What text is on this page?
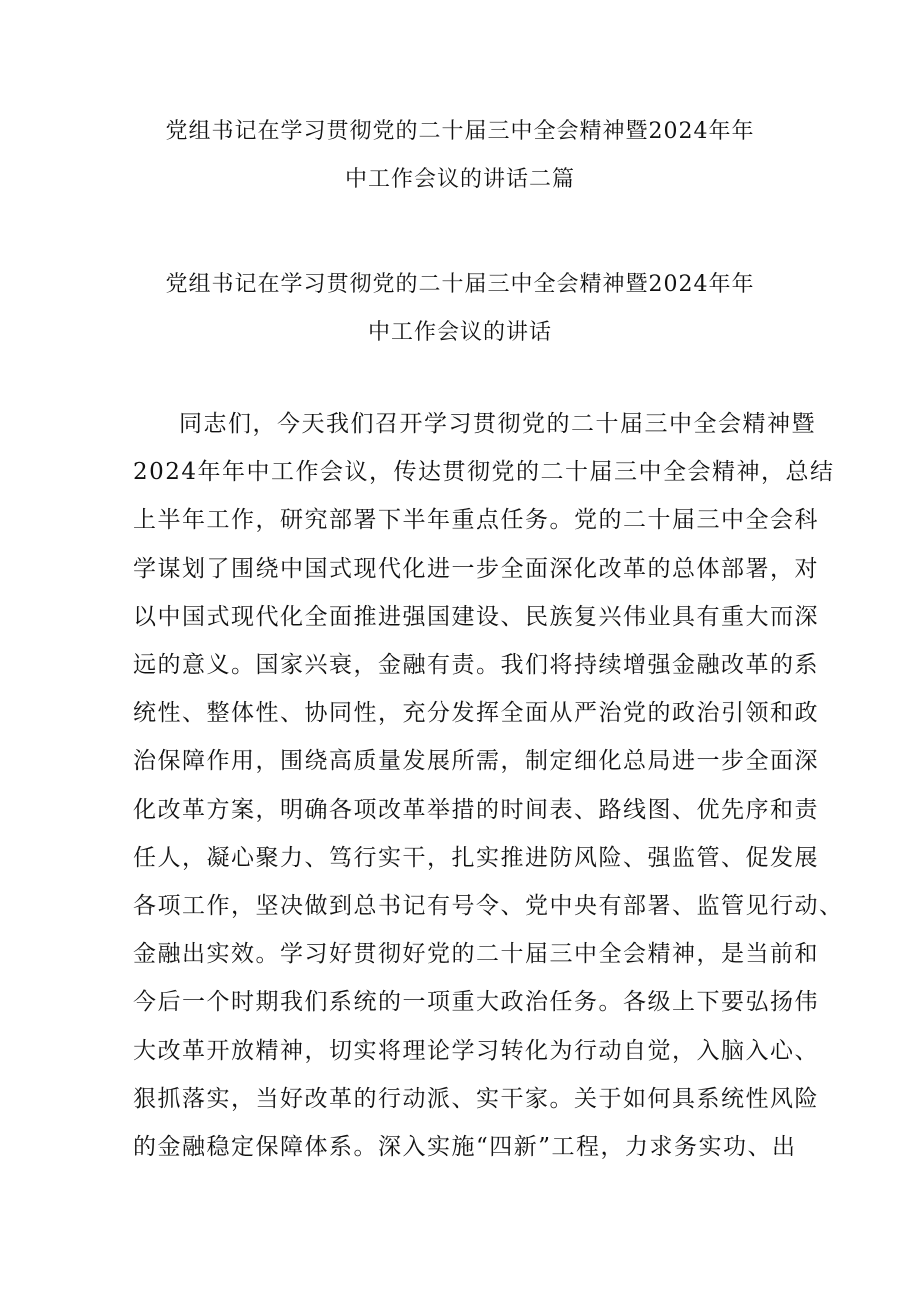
党组书记在学习贯彻党的二十届三中全会精神暨2024年年
中工作会议的讲话二篇
党组书记在学习贯彻党的二十届三中全会精神暨2024年年
中工作会议的讲话
同志们，今天我们召开学习贯彻党的二十届三中全会精神暨
2024年年中工作会议，传达贯彻党的二十届三中全会精神，总结
上半年工作，研究部署下半年重点任务。党的二十届三中全会科
学谋划了围绕中国式现代化进一步全面深化改革的总体部署，对
以中国式现代化全面推进强国建设、民族复兴伟业具有重大而深
远的意义。国家兴衰，金融有责。我们将持续增强金融改革的系
统性、整体性、协同性，充分发挥全面从严治党的政治引领和政
治保障作用，围绕高质量发展所需，制定细化总局进一步全面深
化改革方案，明确各项改革举措的时间表、路线图、优先序和责
任人，凝心聚力、笃行实干，扎实推进防风险、强监管、促发展
各项工作，坚决做到总书记有号令、党中央有部署、监管见行动、
金融出实效。学习好贯彻好党的二十届三中全会精神，是当前和
今后一个时期我们系统的一项重大政治任务。各级上下要弘扬伟
大改革开放精神，切实将理论学习转化为行动自觉，入脑入心、
狠抓落实，当好改革的行动派、实干家。关于如何具系统性风险
的金融稳定保障体系。深入实施“四新”工程，力求务实功、出
